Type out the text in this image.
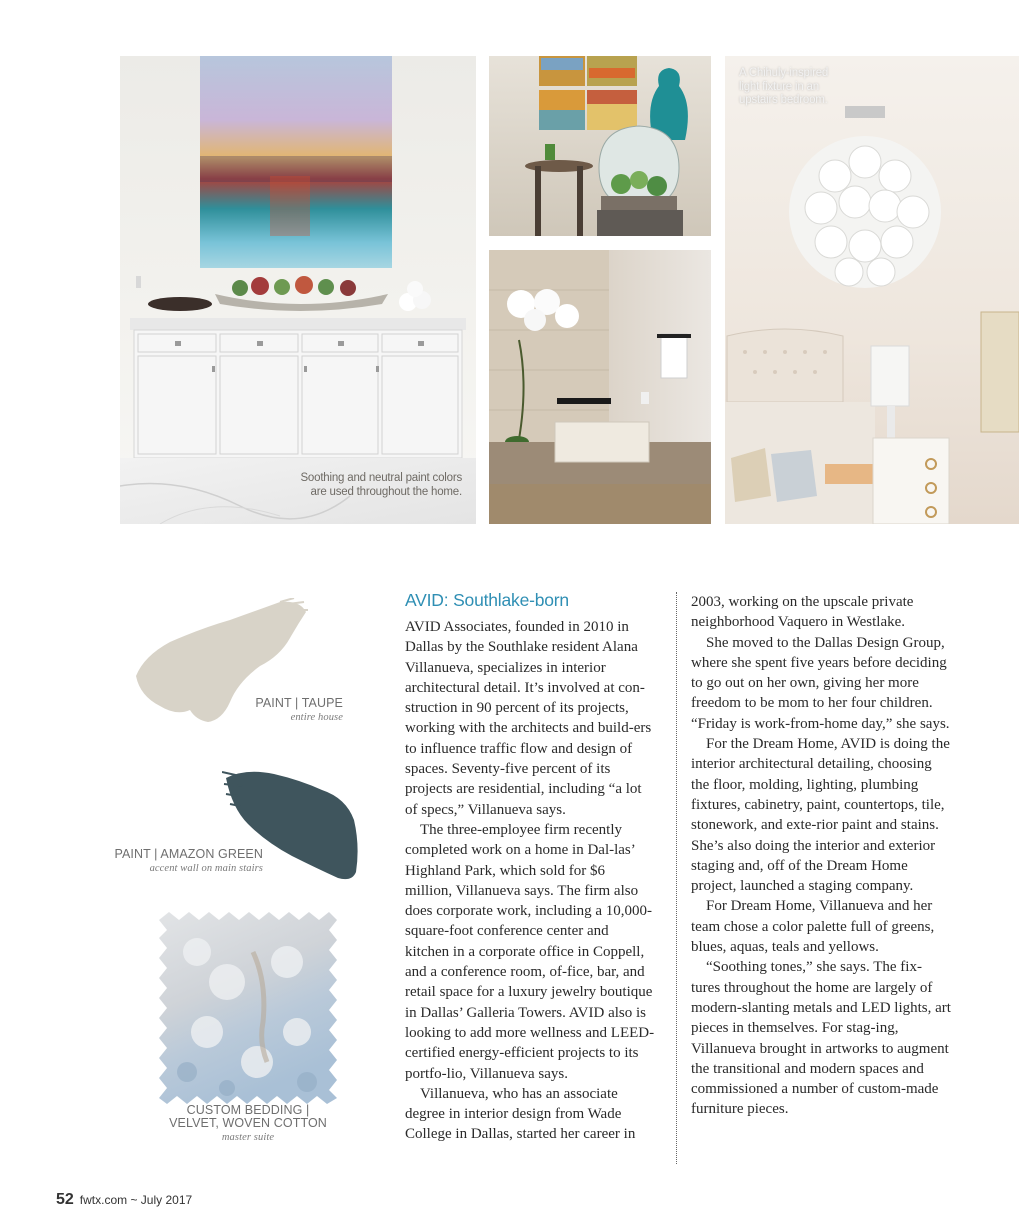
Soothing and neutral paint colors are used throughout the home.
A Chihuly-inspired light fixture in an upstairs bedroom.
PAINT | TAUPE
entire house
PAINT | AMAZON GREEN
accent wall on main stairs
CUSTOM BEDDING |
VELVET, WOVEN COTTON
master suite
AVID: Southlake-born

AVID Associates, founded in 2010 in Dallas by the Southlake resident Alana Villanueva, specializes in interior architectural detail. It’s involved at con-struction in 90 percent of its projects, working with the architects and build-ers to influence traffic flow and design of spaces. Seventy-five percent of its projects are residential, including “a lot of specs,” Villanueva says.

The three-employee firm recently completed work on a home in Dal-las’ Highland Park, which sold for $6 million, Villanueva says. The firm also does corporate work, including a 10,000-square-foot conference center and kitchen in a corporate office in Coppell, and a conference room, of-fice, bar, and retail space for a luxury jewelry boutique in Dallas’ Galleria Towers. AVID also is looking to add more wellness and LEED-certified energy-efficient projects to its portfo-lio, Villanueva says.

Villanueva, who has an associate degree in interior design from Wade College in Dallas, started her career in

2003, working on the upscale private neighborhood Vaquero in Westlake.

She moved to the Dallas Design Group, where she spent five years before deciding to go out on her own, giving her more freedom to be mom to her four children. “Friday is work-from-home day,” she says.

For the Dream Home, AVID is doing the interior architectural detailing, choosing the floor, molding, lighting, plumbing fixtures, cabinetry, paint, countertops, tile, stonework, and exte-rior paint and stains. She’s also doing the interior and exterior staging and, off of the Dream Home project, launched a staging company.

For Dream Home, Villanueva and her team chose a color palette full of greens, blues, aquas, teals and yellows.

“Soothing tones,” she says. The fix-tures throughout the home are largely of modern-slanting metals and LED lights, art pieces in themselves. For stag-ing, Villanueva brought in artworks to augment the transitional and modern spaces and commissioned a number of custom-made furniture pieces.

52 fwtx.com ~ July 2017
